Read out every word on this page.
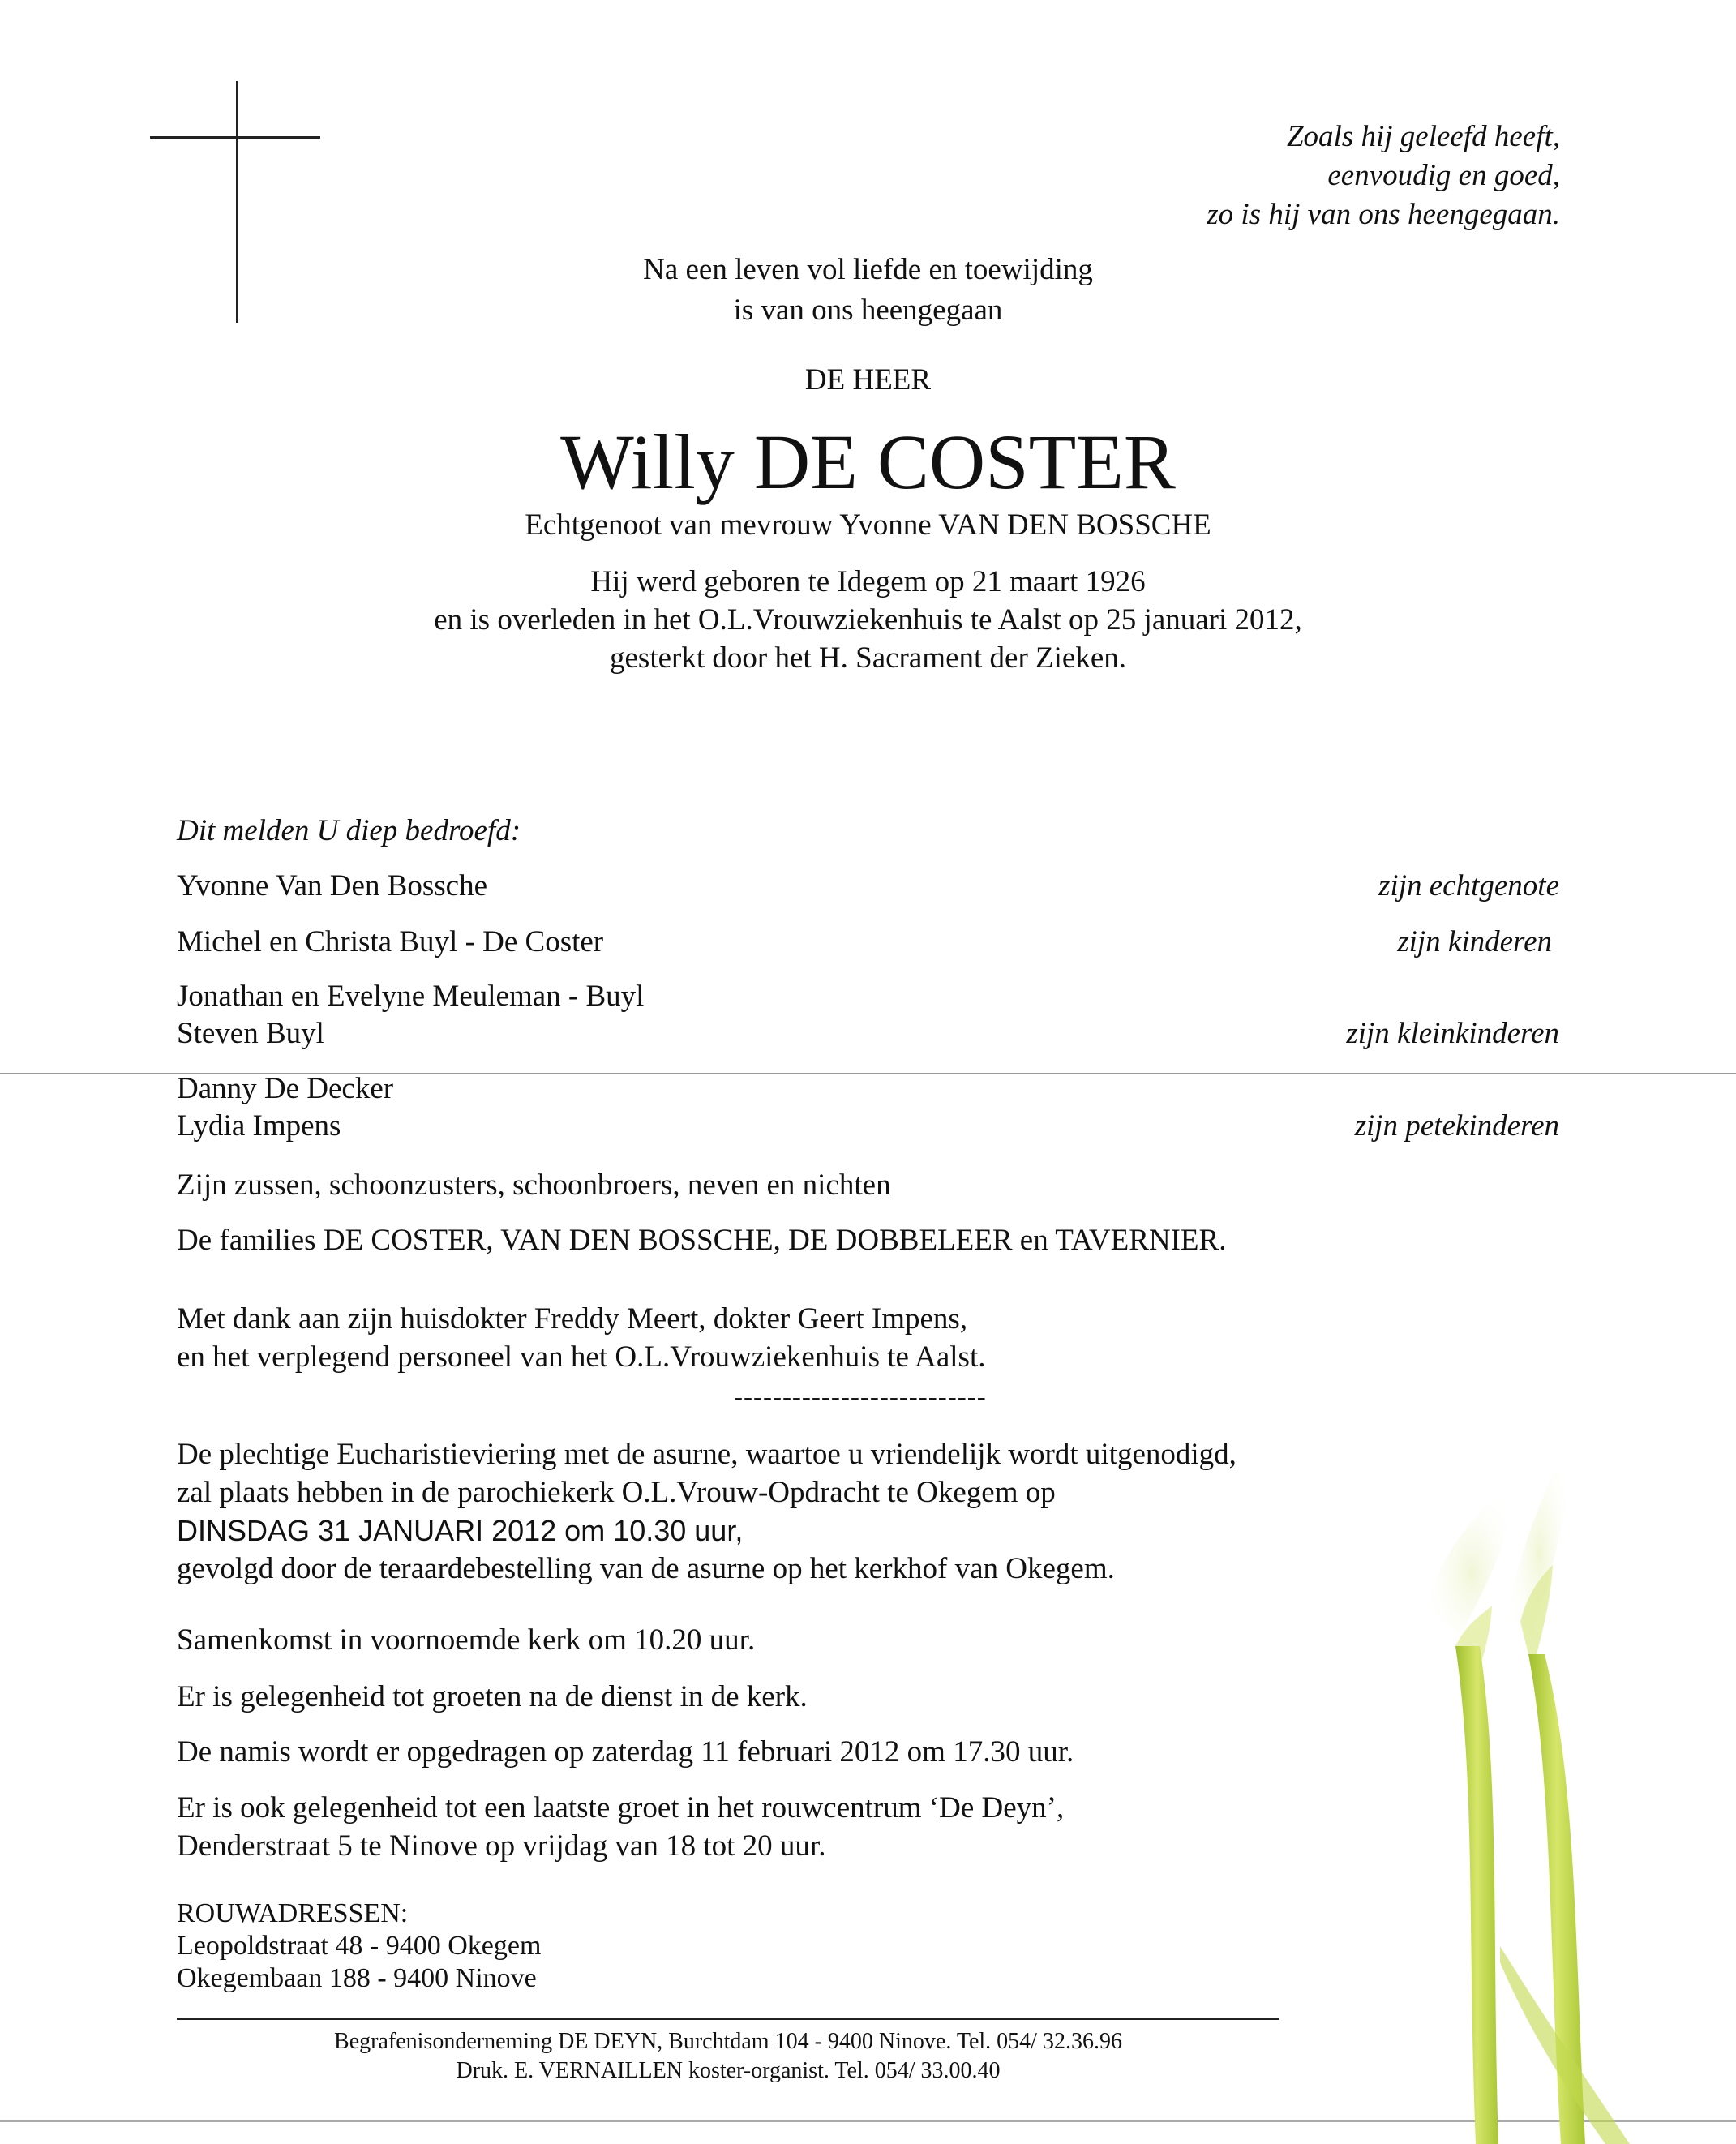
Zoals hij geleefd heeft,
eenvoudig en goed,
zo is hij van ons heengegaan.
Na een leven vol liefde en toewijding
is van ons heengegaan
DE HEER
Willy DE COSTER
Echtgenoot van mevrouw Yvonne VAN DEN BOSSCHE
Hij werd geboren te Idegem op 21 maart 1926
en is overleden in het O.L.Vrouwziekenhuis te Aalst op 25 januari 2012,
gesterkt door het H. Sacrament der Zieken.
Dit melden U diep bedroefd:
Yvonne Van Den Bossche	zijn echtgenote
Michel en Christa Buyl - De Coster	zijn kinderen
Jonathan en Evelyne Meuleman - Buyl
Steven Buyl	zijn kleinkinderen
Danny De Decker
Lydia Impens	zijn petekinderen
Zijn zussen, schoonzusters, schoonbroers, neven en nichten
De families DE COSTER, VAN DEN BOSSCHE, DE DOBBELEER en TAVERNIER.
Met dank aan zijn huisdokter Freddy Meert, dokter Geert Impens,
en het verplegend personeel van het O.L.Vrouwziekenhuis te Aalst.
--------------------------
De plechtige Eucharistieviering met de asurne, waartoe u vriendelijk wordt uitgenodigd,
zal plaats hebben in de parochiekerk O.L.Vrouw-Opdracht te Okegem op
DINSDAG 31 JANUARI 2012 om 10.30 uur,
gevolgd door de teraardebestelling van de asurne op het kerkhof van Okegem.
Samenkomst in voornoemde kerk om 10.20 uur.
Er is gelegenheid tot groeten na de dienst in de kerk.
De namis wordt er opgedragen op zaterdag 11 februari 2012 om 17.30 uur.
Er is ook gelegenheid tot een laatste groet in het rouwcentrum ‘De Deyn’,
Denderstraat 5 te Ninove op vrijdag van 18 tot 20 uur.
ROUWADRESSEN:
Leopoldstraat 48 - 9400 Okegem
Okegembaan 188 - 9400 Ninove
Begrafenisonderneming DE DEYN, Burchtdam 104 - 9400 Ninove. Tel. 054/ 32.36.96
Druk. E. VERNAILLEN koster-organist. Tel. 054/ 33.00.40
